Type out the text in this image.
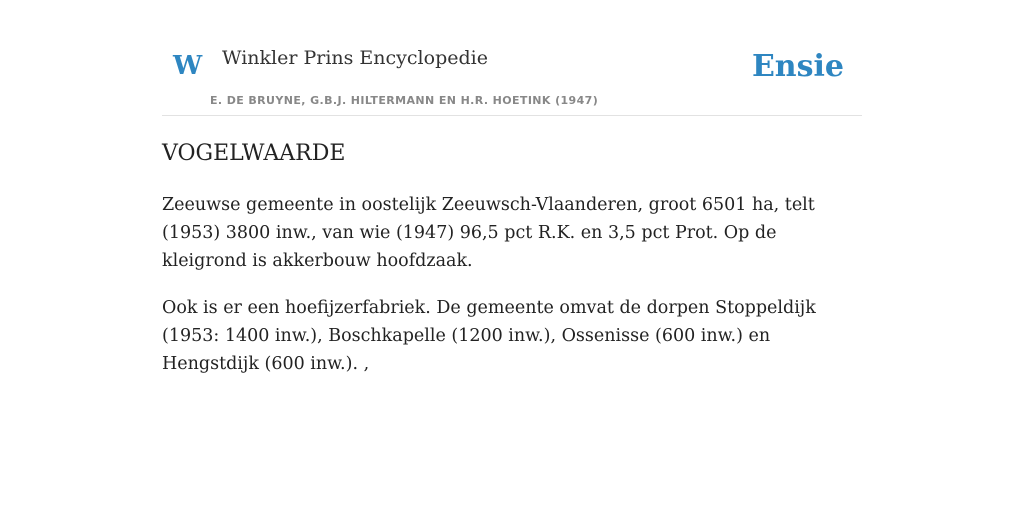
W Winkler Prins Encyclopedie
E. DE BRUYNE, G.B.J. HILTERMANN EN H.R. HOETINK (1947)
Ensie
VOGELWAARDE

Zeeuwse gemeente in oostelijk Zeeuwsch-Vlaanderen, groot 6501 ha, telt (1953) 3800 inw., van wie (1947) 96,5 pct R.K. en 3,5 pct Prot. Op de kleigrond is akkerbouw hoofdzaak.

Ook is er een hoefijzerfabriek. De gemeente omvat de dorpen Stoppeldijk (1953: 1400 inw.), Boschkapelle (1200 inw.), Ossenisse (600 inw.) en Hengstdijk (600 inw.). ,
